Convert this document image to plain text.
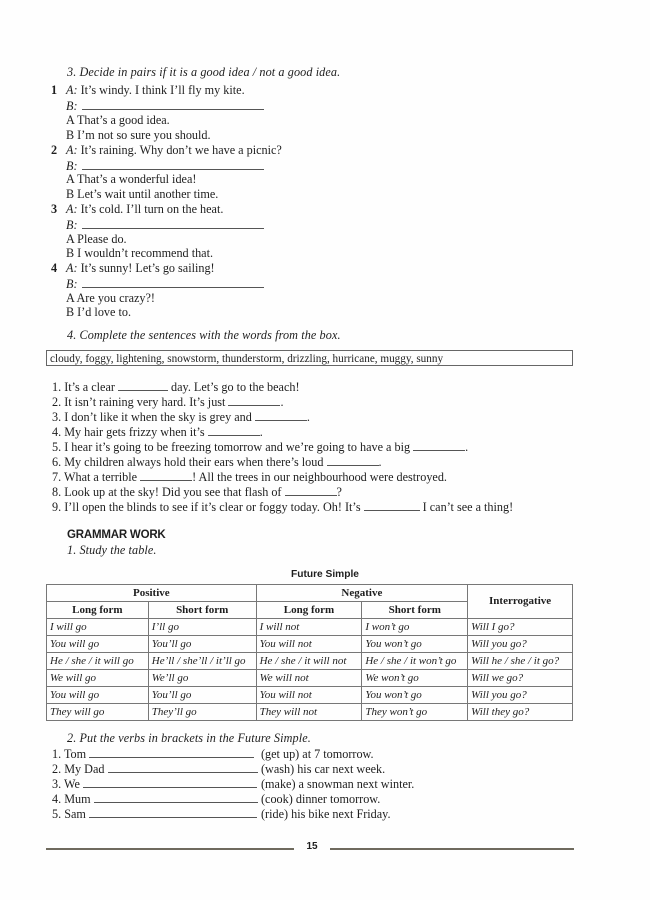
3. Decide in pairs if it is a good idea / not a good idea.
1 A: It’s windy. I think I’ll fly my kite.
B:
A That’s a good idea.
B I’m not so sure you should.
2 A: It’s raining. Why don’t we have a picnic?
B:
A That’s a wonderful idea!
B Let’s wait until another time.
3 A: It’s cold. I’ll turn on the heat.
B:
A Please do.
B I wouldn’t recommend that.
4 A: It’s sunny! Let’s go sailing!
B:
A Are you crazy?!
B I’d love to.
4. Complete the sentences with the words from the box.
cloudy, foggy, lightening, snowstorm, thunderstorm, drizzling, hurricane, muggy, sunny
1. It’s a clear	day. Let’s go to the beach!
2. It isn’t raining very hard. It’s just	.
3. I don’t like it when the sky is grey and	.
4. My hair gets frizzy when it’s	.
5. I hear it’s going to be freezing tomorrow and we’re going to have a big	.
6. My children always hold their ears when there’s loud	.
7. What a terrible	! All the trees in our neighbourhood were destroyed.
8. Look up at the sky! Did you see that flash of	?
9. I’ll open the blinds to see if it’s clear or foggy today. Oh! It’s	I can’t see a thing!
GRAMMAR WORK
1. Study the table.
Future Simple
Positive		Negative		Interrogative
Long form	Short form	Long form	Short form	
I will go	I’ll go	I will not	I won’t go	Will I go?
You will go	You’ll go	You will not	You won’t go	Will you go?
He / she / it will go	He’ll / she’ll / it’ll go	He / she / it will not	He / she / it won’t go	Will he / she / it go?
We will go	We’ll go	We will not	We won’t go	Will we go?
You will go	You’ll go	You will not	You won’t go	Will you go?
They will go	They’ll go	They will not	They won’t go	Will they go?
2. Put the verbs in brackets in the Future Simple.
1. Tom	(get up) at 7 tomorrow.
2. My Dad	(wash) his car next week.
3. We	(make) a snowman next winter.
4. Mum	(cook) dinner tomorrow.
5. Sam	(ride) his bike next Friday.
15
